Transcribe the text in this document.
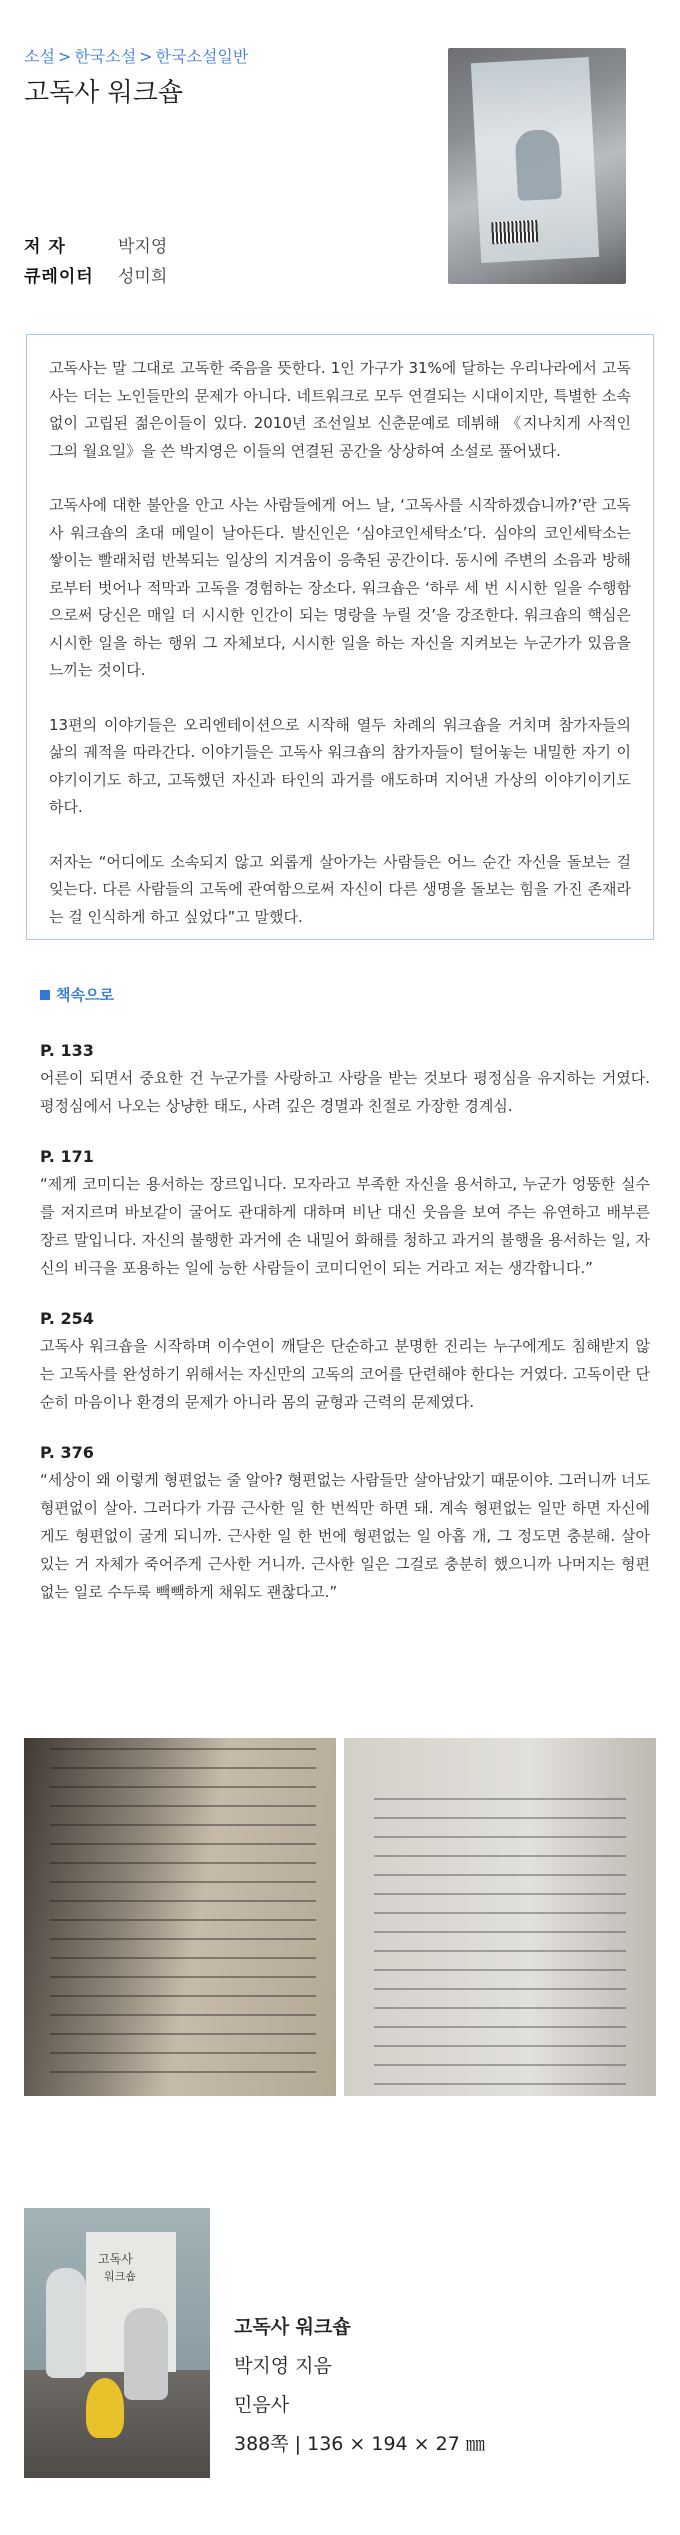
소설 > 한국소설 > 한국소설일반
고독사 워크숍
저 자	박지영
큐레이터	성미희

고독사는 말 그대로 고독한 죽음을 뜻한다. 1인 가구가 31%에 달하는 우리나라에서 고독사는 더는 노인들만의 문제가 아니다. 네트워크로 모두 연결되는 시대이지만, 특별한 소속 없이 고립된 젊은이들이 있다. 2010년 조선일보 신춘문예로 데뷔해 《지나치게 사적인 그의 월요일》을 쓴 박지영은 이들의 연결된 공간을 상상하여 소설로 풀어냈다.

고독사에 대한 불안을 안고 사는 사람들에게 어느 날, ‘고독사를 시작하겠습니까?’란 고독사 워크숍의 초대 메일이 날아든다. 발신인은 ‘심야코인세탁소’다. 심야의 코인세탁소는 쌓이는 빨래처럼 반복되는 일상의 지겨움이 응축된 공간이다. 동시에 주변의 소음과 방해로부터 벗어나 적막과 고독을 경험하는 장소다. 워크숍은 ‘하루 세 번 시시한 일을 수행함으로써 당신은 매일 더 시시한 인간이 되는 명랑을 누릴 것’을 강조한다. 워크숍의 핵심은 시시한 일을 하는 행위 그 자체보다, 시시한 일을 하는 자신을 지켜보는 누군가가 있음을 느끼는 것이다.

13편의 이야기들은 오리엔테이션으로 시작해 열두 차례의 워크숍을 거치며 참가자들의 삶의 궤적을 따라간다. 이야기들은 고독사 워크숍의 참가자들이 털어놓는 내밀한 자기 이야기이기도 하고, 고독했던 자신과 타인의 과거를 애도하며 지어낸 가상의 이야기이기도 하다.

저자는 “어디에도 소속되지 않고 외롭게 살아가는 사람들은 어느 순간 자신을 돌보는 걸 잊는다. 다른 사람들의 고독에 관여함으로써 자신이 다른 생명을 돌보는 힘을 가진 존재라는 걸 인식하게 하고 싶었다”고 말했다.

책속으로
P. 133
어른이 되면서 중요한 건 누군가를 사랑하고 사랑을 받는 것보다 평정심을 유지하는 거였다. 평정심에서 나오는 상냥한 태도, 사려 깊은 경멸과 친절로 가장한 경계심.
P. 171
“제게 코미디는 용서하는 장르입니다. 모자라고 부족한 자신을 용서하고, 누군가 엉뚱한 실수를 저지르며 바보같이 굴어도 관대하게 대하며 비난 대신 웃음을 보여 주는 유연하고 배부른 장르 말입니다. 자신의 불행한 과거에 손 내밀어 화해를 청하고 과거의 불행을 용서하는 일, 자신의 비극을 포용하는 일에 능한 사람들이 코미디언이 되는 거라고 저는 생각합니다.”
P. 254
고독사 워크숍을 시작하며 이수연이 깨달은 단순하고 분명한 진리는 누구에게도 침해받지 않는 고독사를 완성하기 위해서는 자신만의 고독의 코어를 단련해야 한다는 거였다. 고독이란 단순히 마음이나 환경의 문제가 아니라 몸의 균형과 근력의 문제였다.
P. 376
“세상이 왜 이렇게 형편없는 줄 알아? 형편없는 사람들만 살아남았기 때문이야. 그러니까 너도 형편없이 살아. 그러다가 가끔 근사한 일 한 번씩만 하면 돼. 계속 형편없는 일만 하면 자신에게도 형편없이 굴게 되니까. 근사한 일 한 번에 형편없는 일 아홉 개, 그 정도면 충분해. 살아 있는 거 자체가 죽어주게 근사한 거니까. 근사한 일은 그걸로 충분히 했으니까 나머지는 형편없는 일로 수두룩 빽빽하게 채워도 괜찮다고.”
고독사
워크숍
고독사 워크숍
박지영 지음
민음사
388쪽 | 136 × 194 × 27 ㎜
